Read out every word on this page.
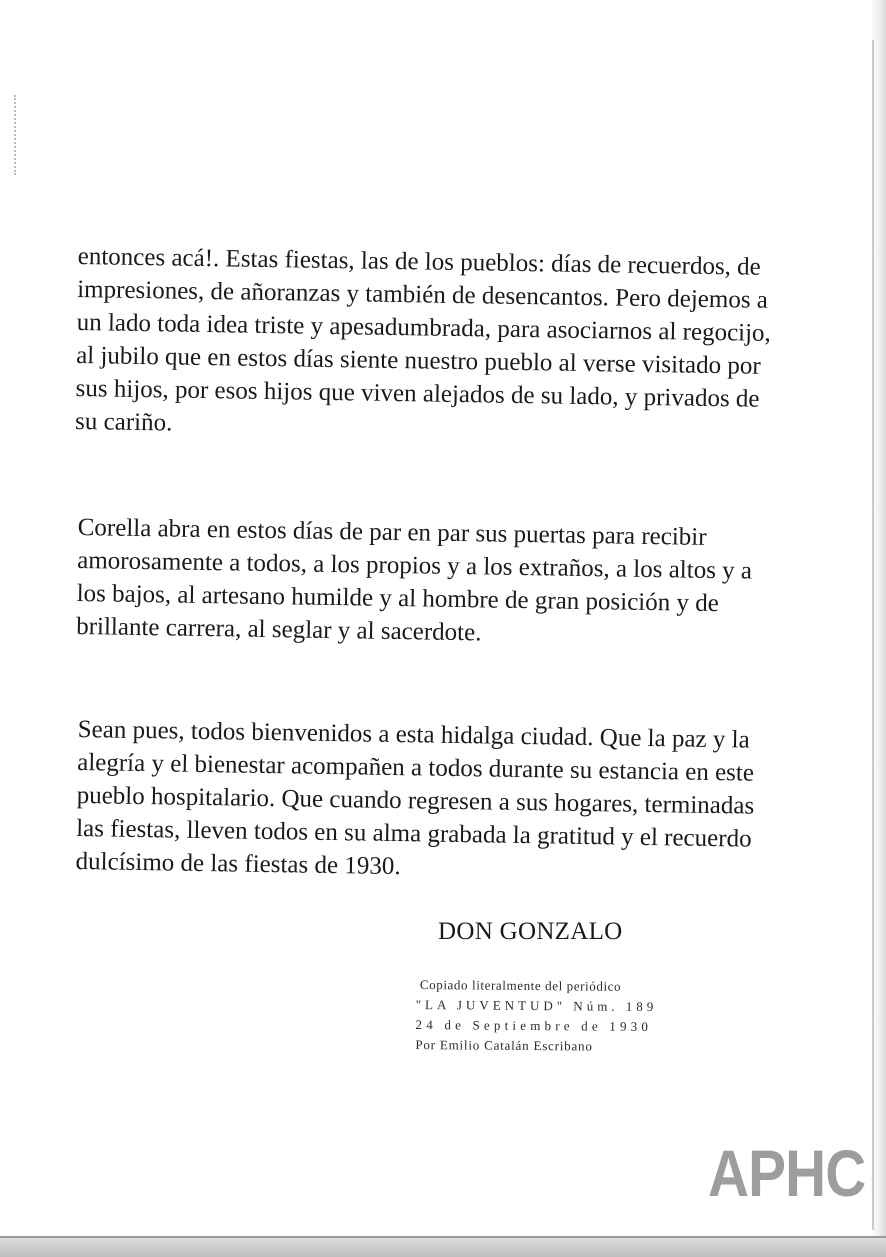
entonces acá!. Estas fiestas, las de los pueblos: días de recuerdos, de impresiones, de añoranzas y también de desencantos. Pero dejemos a un lado toda idea triste y apesadumbrada, para asociarnos al regocijo, al jubilo que en estos días siente nuestro pueblo al verse visitado por sus hijos, por esos hijos que viven alejados de su lado, y privados de su cariño.

Corella abra en estos días de par en par sus puertas para recibir amorosamente a todos, a los propios y a los extraños, a los altos y a los bajos, al artesano humilde y al hombre de gran posición y de brillante carrera, al seglar y al sacerdote.

Sean pues, todos bienvenidos a esta hidalga ciudad. Que la paz y la alegría y el bienestar acompañen a todos durante su estancia en este pueblo hospitalario. Que cuando regresen a sus hogares, terminadas las fiestas, lleven todos en su alma grabada la gratitud y el recuerdo dulcísimo de las fiestas de 1930.

DON GONZALO
Copiado literalmente del periódico
"LA JUVENTUD" Núm. 189
24 de Septiembre de 1930
Por Emilio Catalán Escribano
APHC
